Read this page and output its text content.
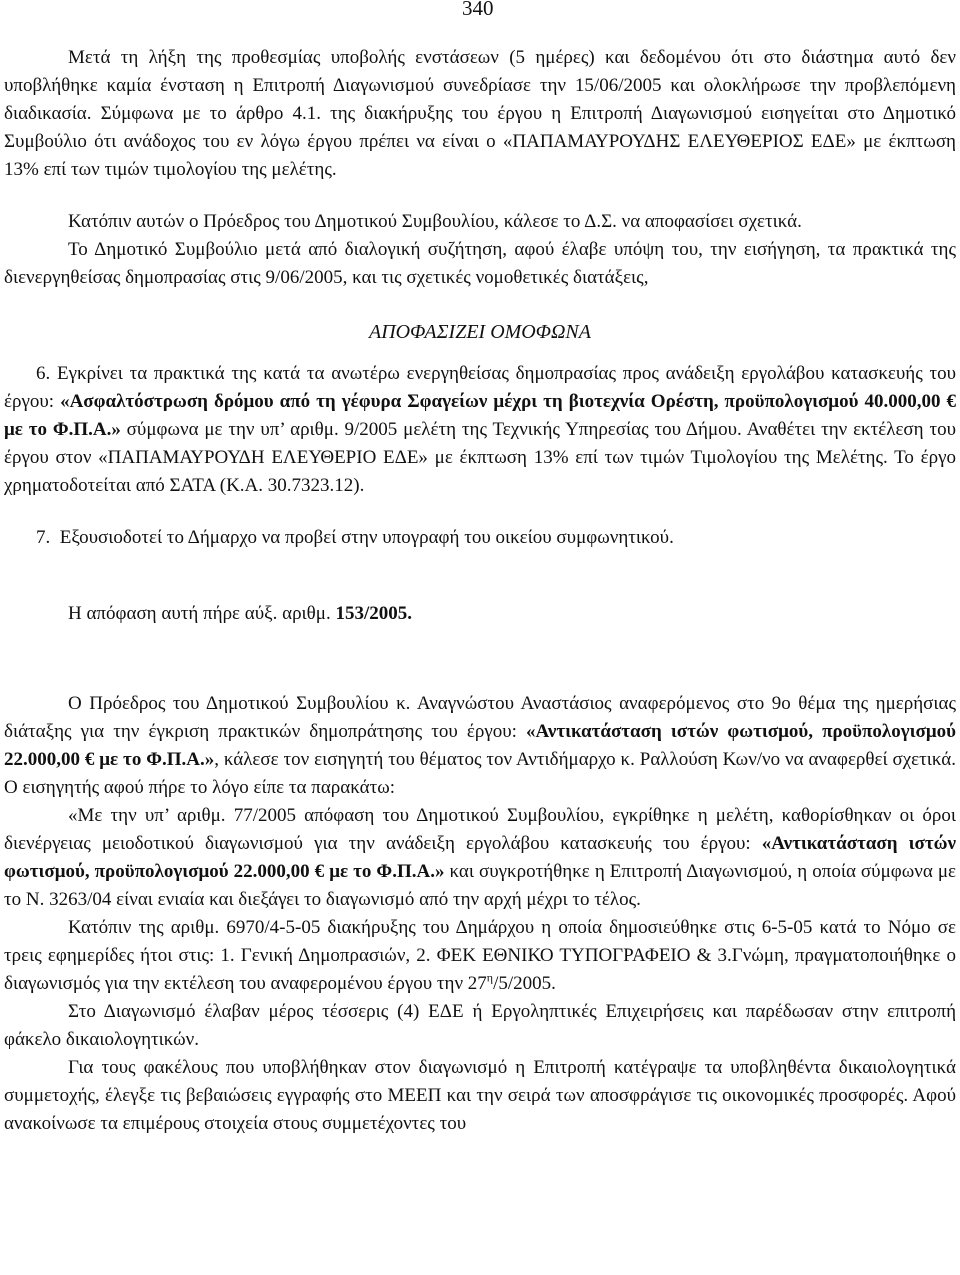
340

Μετά τη λήξη της προθεσμίας υποβολής ενστάσεων (5 ημέρες) και δεδομένου ότι στο διάστημα αυτό δεν υποβλήθηκε καμία ένσταση η Επιτροπή Διαγωνισμού συνεδρίασε την 15/06/2005 και ολοκλήρωσε την προβλεπόμενη διαδικασία. Σύμφωνα με το άρθρο 4.1. της διακήρυξης του έργου η Επιτροπή Διαγωνισμού εισηγείται στο Δημοτικό Συμβούλιο ότι ανάδοχος του εν λόγω έργου πρέπει να είναι ο «ΠΑΠΑΜΑΥΡΟΥΔΗΣ ΕΛΕΥΘΕΡΙΟΣ ΕΔΕ» με έκπτωση 13% επί των τιμών τιμολογίου της μελέτης.

Κατόπιν αυτών ο Πρόεδρος του Δημοτικού Συμβουλίου, κάλεσε το Δ.Σ. να αποφασίσει σχετικά.

Το Δημοτικό Συμβούλιο μετά από διαλογική συζήτηση, αφού έλαβε υπόψη του, την εισήγηση, τα πρακτικά της διενεργηθείσας δημοπρασίας στις 9/06/2005, και τις σχετικές νομοθετικές διατάξεις,

ΑΠΟΦΑΣΙΖΕΙ ΟΜΟΦΩΝΑ

6. Εγκρίνει τα πρακτικά της κατά τα ανωτέρω ενεργηθείσας δημοπρασίας προς ανάδειξη εργολάβου κατασκευής του έργου: «Ασφαλτόστρωση δρόμου από τη γέφυρα Σφαγείων μέχρι τη βιοτεχνία Ορέστη, προϋπολογισμού 40.000,00 € με το Φ.Π.Α.» σύμφωνα με την υπ’ αριθμ. 9/2005 μελέτη της Τεχνικής Υπηρεσίας του Δήμου. Αναθέτει την εκτέλεση του έργου στον «ΠΑΠΑΜΑΥΡΟΥΔΗ ΕΛΕΥΘΕΡΙΟ ΕΔΕ» με έκπτωση 13% επί των τιμών Τιμολογίου της Μελέτης. Το έργο χρηματοδοτείται από ΣΑΤΑ (Κ.Α. 30.7323.12).

7. Εξουσιοδοτεί το Δήμαρχο να προβεί στην υπογραφή του οικείου συμφωνητικού.

Η απόφαση αυτή πήρε αύξ. αριθμ. 153/2005.

Ο Πρόεδρος του Δημοτικού Συμβουλίου κ. Αναγνώστου Αναστάσιος αναφερόμενος στο 9ο θέμα της ημερήσιας διάταξης για την έγκριση πρακτικών δημοπράτησης του έργου: «Αντικατάσταση ιστών φωτισμού, προϋπολογισμού 22.000,00 € με το Φ.Π.Α.», κάλεσε τον εισηγητή του θέματος τον Αντιδήμαρχο κ. Ραλλούση Κων/νο να αναφερθεί σχετικά. Ο εισηγητής αφού πήρε το λόγο είπε τα παρακάτω:

«Με την υπ’ αριθμ. 77/2005 απόφαση του Δημοτικού Συμβουλίου, εγκρίθηκε η μελέτη, καθορίσθηκαν οι όροι διενέργειας μειοδοτικού διαγωνισμού για την ανάδειξη εργολάβου κατασκευής του έργου: «Αντικατάσταση ιστών φωτισμού, προϋπολογισμού 22.000,00 € με το Φ.Π.Α.» και συγκροτήθηκε η Επιτροπή Διαγωνισμού, η οποία σύμφωνα με το Ν. 3263/04 είναι ενιαία και διεξάγει το διαγωνισμό από την αρχή μέχρι το τέλος.

Κατόπιν της αριθμ. 6970/4-5-05 διακήρυξης του Δημάρχου η οποία δημοσιεύθηκε στις 6-5-05 κατά το Νόμο σε τρεις εφημερίδες ήτοι στις: 1. Γενική Δημοπρασιών, 2. ΦΕΚ ΕΘΝΙΚΟ ΤΥΠΟΓΡΑΦΕΙΟ & 3.Γνώμη, πραγματοποιήθηκε ο διαγωνισμός για την εκτέλεση του αναφερομένου έργου την $27^\eta/5/2005$.

Στο Διαγωνισμό έλαβαν μέρος τέσσερις (4) ΕΔΕ ή Εργοληπτικές Επιχειρήσεις και παρέδωσαν στην επιτροπή φάκελο δικαιολογητικών.

Για τους φακέλους που υποβλήθηκαν στον διαγωνισμό η Επιτροπή κατέγραψε τα υποβληθέντα δικαιολογητικά συμμετοχής, έλεγξε τις βεβαιώσεις εγγραφής στο ΜΕΕΠ και την σειρά των αποσφράγισε τις οικονομικές προσφορές. Αφού ανακοίνωσε τα επιμέρους στοιχεία στους συμμετέχοντες του
